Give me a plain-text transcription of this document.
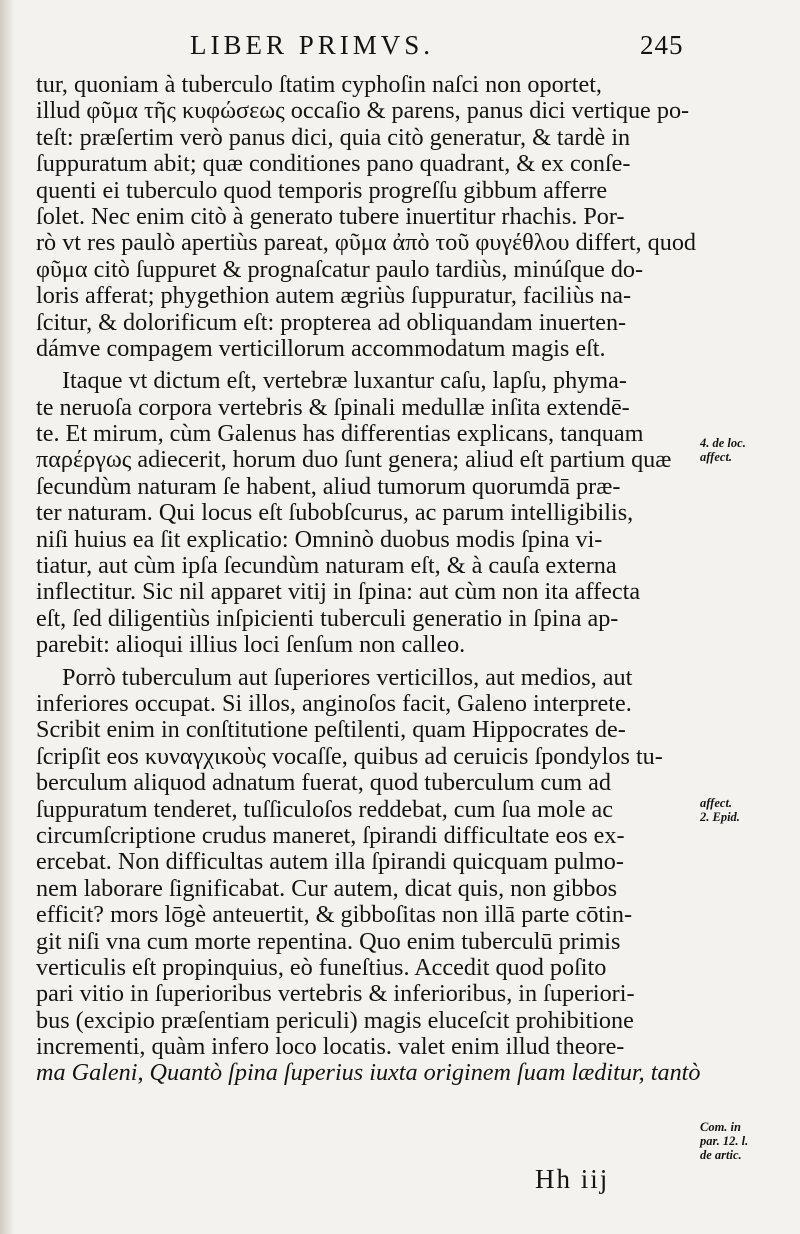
LIBER PRIMVS.	245
tur, quoniam à tuberculo ſtatim cyphoſin naſci non oportet,
illud φῦμα τῆς κυφώσεως occaſio & parens, panus dici vertique po-
teſt: præſertim verò panus dici, quia citò generatur, & tardè in
ſuppuratum abit; quæ conditiones pano quadrant, & ex conſe-
quenti ei tuberculo quod temporis progreſſu gibbum afferre
ſolet. Nec enim citò à generato tubere inuertitur rhachis. Por-
rò vt res paulò apertiùs pareat, φῦμα ἀπὸ τοῦ φυγέθλου differt, quod
φῦμα citò ſuppuret & prognaſcatur paulo tardiùs, minúſque do-
loris afferat; phygethion autem ægriùs ſuppuratur, faciliùs na-
ſcitur, & dolorificum eſt: propterea ad obliquandam inuerten-
dámve compagem verticillorum accommodatum magis eſt.
Itaque vt dictum eſt, vertebræ luxantur caſu, lapſu, phyma-
te neruoſa corpora vertebris & ſpinali medullæ inſita extendē-
te. Et mirum, cùm Galenus has differentias explicans, tanquam
παρέργως adiecerit, horum duo ſunt genera; aliud eſt partium quæ
ſecundùm naturam ſe habent, aliud tumorum quorumdā præ-
ter naturam. Qui locus eſt ſubobſcurus, ac parum intelligibilis,
niſi huius ea ſit explicatio: Omninò duobus modis ſpina vi-
tiatur, aut cùm ipſa ſecundùm naturam eſt, & à cauſa externa
inflectitur. Sic nil apparet vitij in ſpina: aut cùm non ita affecta
eſt, ſed diligentiùs inſpicienti tuberculi generatio in ſpina ap-
parebit: alioqui illius loci ſenſum non calleo.
Porrò tuberculum aut ſuperiores verticillos, aut medios, aut
inferiores occupat. Si illos, anginoſos facit, Galeno interprete.
Scribit enim in conſtitutione peſtilenti, quam Hippocrates de-
ſcripſit eos κυναγχικοὺς vocaſſe, quibus ad ceruicis ſpondylos tu-
berculum aliquod adnatum fuerat, quod tuberculum cum ad
ſuppuratum tenderet, tuſſiculoſos reddebat, cum ſua mole ac
circumſcriptione crudus maneret, ſpirandi difficultate eos ex-
ercebat. Non difficultas autem illa ſpirandi quicquam pulmo-
nem laborare ſignificabat. Cur autem, dicat quis, non gibbos
efficit? mors lōgè anteuertit, & gibboſitas non illā parte cōtin-
git niſi vna cum morte repentina. Quo enim tuberculū primis
verticulis eſt propinquius, eò funeſtius. Accedit quod poſito
pari vitio in ſuperioribus vertebris & inferioribus, in ſuperiori-
bus (excipio præſentiam periculi) magis eluceſcit prohibitione
incrementi, quàm infero loco locatis. valet enim illud theore-
ma Galeni, Quantò ſpina ſuperius iuxta originem ſuam læditur, tantò
4. de loc.
affect.
affect.
2. Epid.
Com. in
par. 12. l.
de artic.
Hh iij
